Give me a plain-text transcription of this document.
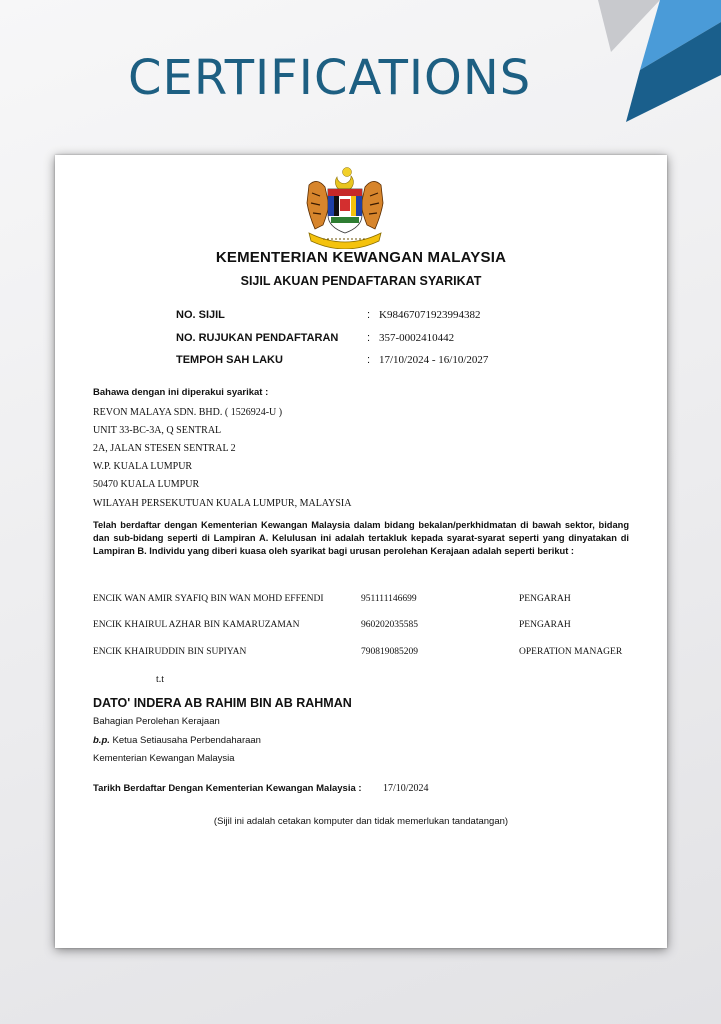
CERTIFICATIONS
KEMENTERIAN KEWANGAN MALAYSIA
SIJIL AKUAN PENDAFTARAN SYARIKAT
NO. SIJIL	: K98467071923994382
NO. RUJUKAN PENDAFTARAN	: 357-0002410442
TEMPOH SAH LAKU	: 17/10/2024 - 16/10/2027
Bahawa dengan ini diperakui syarikat :
REVON MALAYA SDN. BHD. ( 1526924-U )
UNIT 33-BC-3A, Q SENTRAL
2A, JALAN STESEN SENTRAL 2
W.P. KUALA LUMPUR
50470 KUALA LUMPUR
WILAYAH PERSEKUTUAN KUALA LUMPUR, MALAYSIA
Telah berdaftar dengan Kementerian Kewangan Malaysia dalam bidang bekalan/perkhidmatan di bawah sektor, bidang dan sub-bidang seperti di Lampiran A. Kelulusan ini adalah tertakluk kepada syarat-syarat seperti yang dinyatakan di Lampiran B. Individu yang diberi kuasa oleh syarikat bagi urusan perolehan Kerajaan adalah seperti berikut :
ENCIK WAN AMIR SYAFIQ BIN WAN MOHD EFFENDI	951111146699	PENGARAH
ENCIK KHAIRUL AZHAR BIN KAMARUZAMAN	960202035585	PENGARAH
ENCIK KHAIRUDDIN BIN SUPIYAN	790819085209	OPERATION MANAGER
t.t
DATO' INDERA AB RAHIM BIN AB RAHMAN
Bahagian Perolehan Kerajaan
b.p. Ketua Setiausaha Perbendaharaan
Kementerian Kewangan Malaysia
Tarikh Berdaftar Dengan Kementerian Kewangan Malaysia : 17/10/2024
(Sijil ini adalah cetakan komputer dan tidak memerlukan tandatangan)
